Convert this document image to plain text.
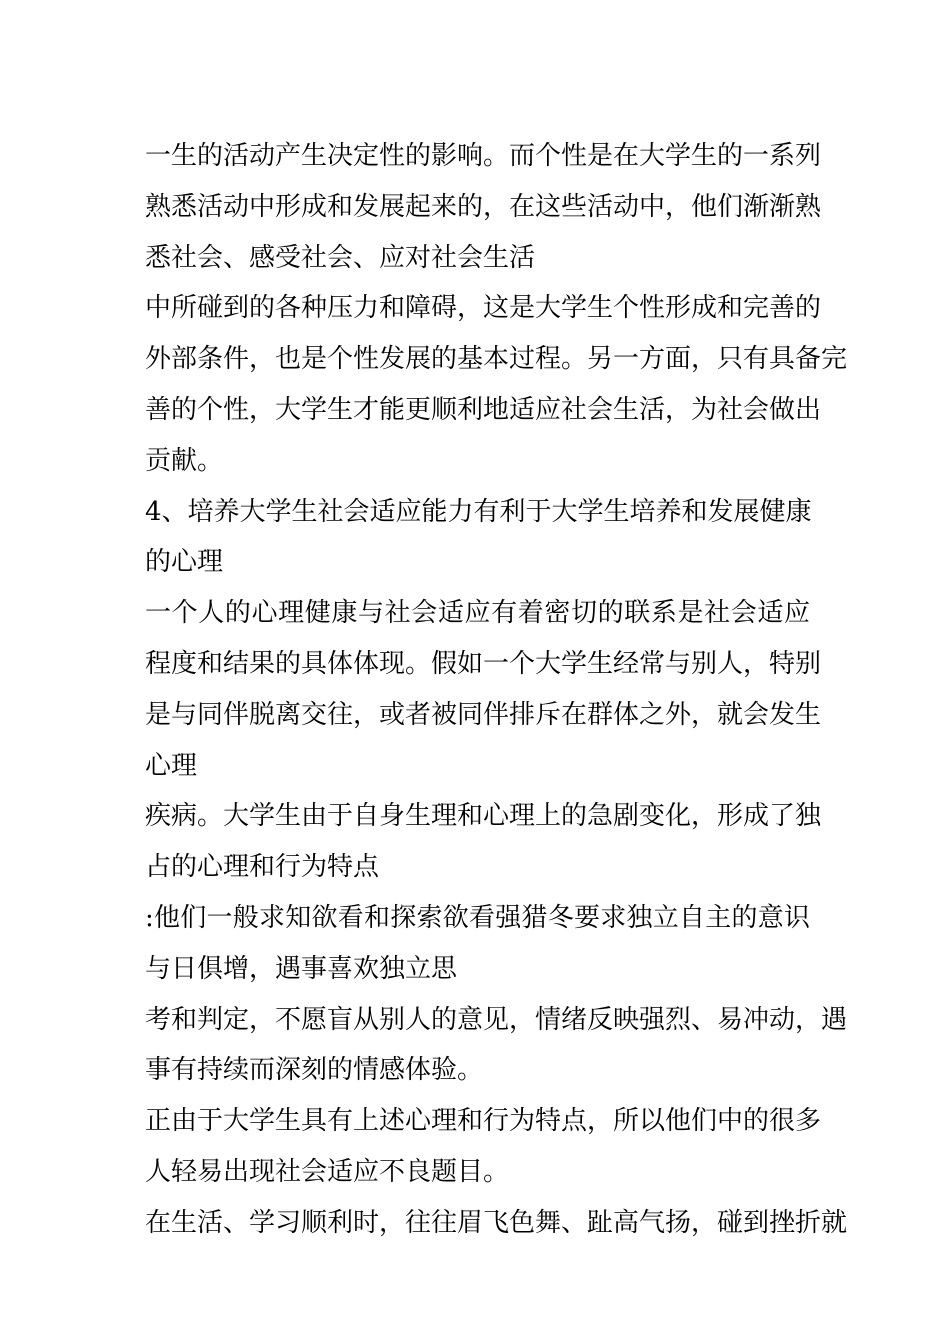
一生的活动产生决定性的影响。而个性是在大学生的一系列
熟悉活动中形成和发展起来的，在这些活动中，他们渐渐熟
悉社会、感受社会、应对社会生活
中所碰到的各种压力和障碍，这是大学生个性形成和完善的
外部条件，也是个性发展的基本过程。另一方面，只有具备完
善的个性，大学生才能更顺利地适应社会生活，为社会做出
贡献。
4、培养大学生社会适应能力有利于大学生培养和发展健康
的心理
一个人的心理健康与社会适应有着密切的联系是社会适应
程度和结果的具体体现。假如一个大学生经常与别人，特别
是与同伴脱离交往，或者被同伴排斥在群体之外，就会发生
心理
疾病。大学生由于自身生理和心理上的急剧变化，形成了独
占的心理和行为特点
:他们一般求知欲看和探索欲看强猎冬要求独立自主的意识
与日俱增，遇事喜欢独立思
考和判定，不愿盲从别人的意见，情绪反映强烈、易冲动，遇
事有持续而深刻的情感体验。
正由于大学生具有上述心理和行为特点，所以他们中的很多
人轻易出现社会适应不良题目。
在生活、学习顺利时，往往眉飞色舞、趾高气扬，碰到挫折就
